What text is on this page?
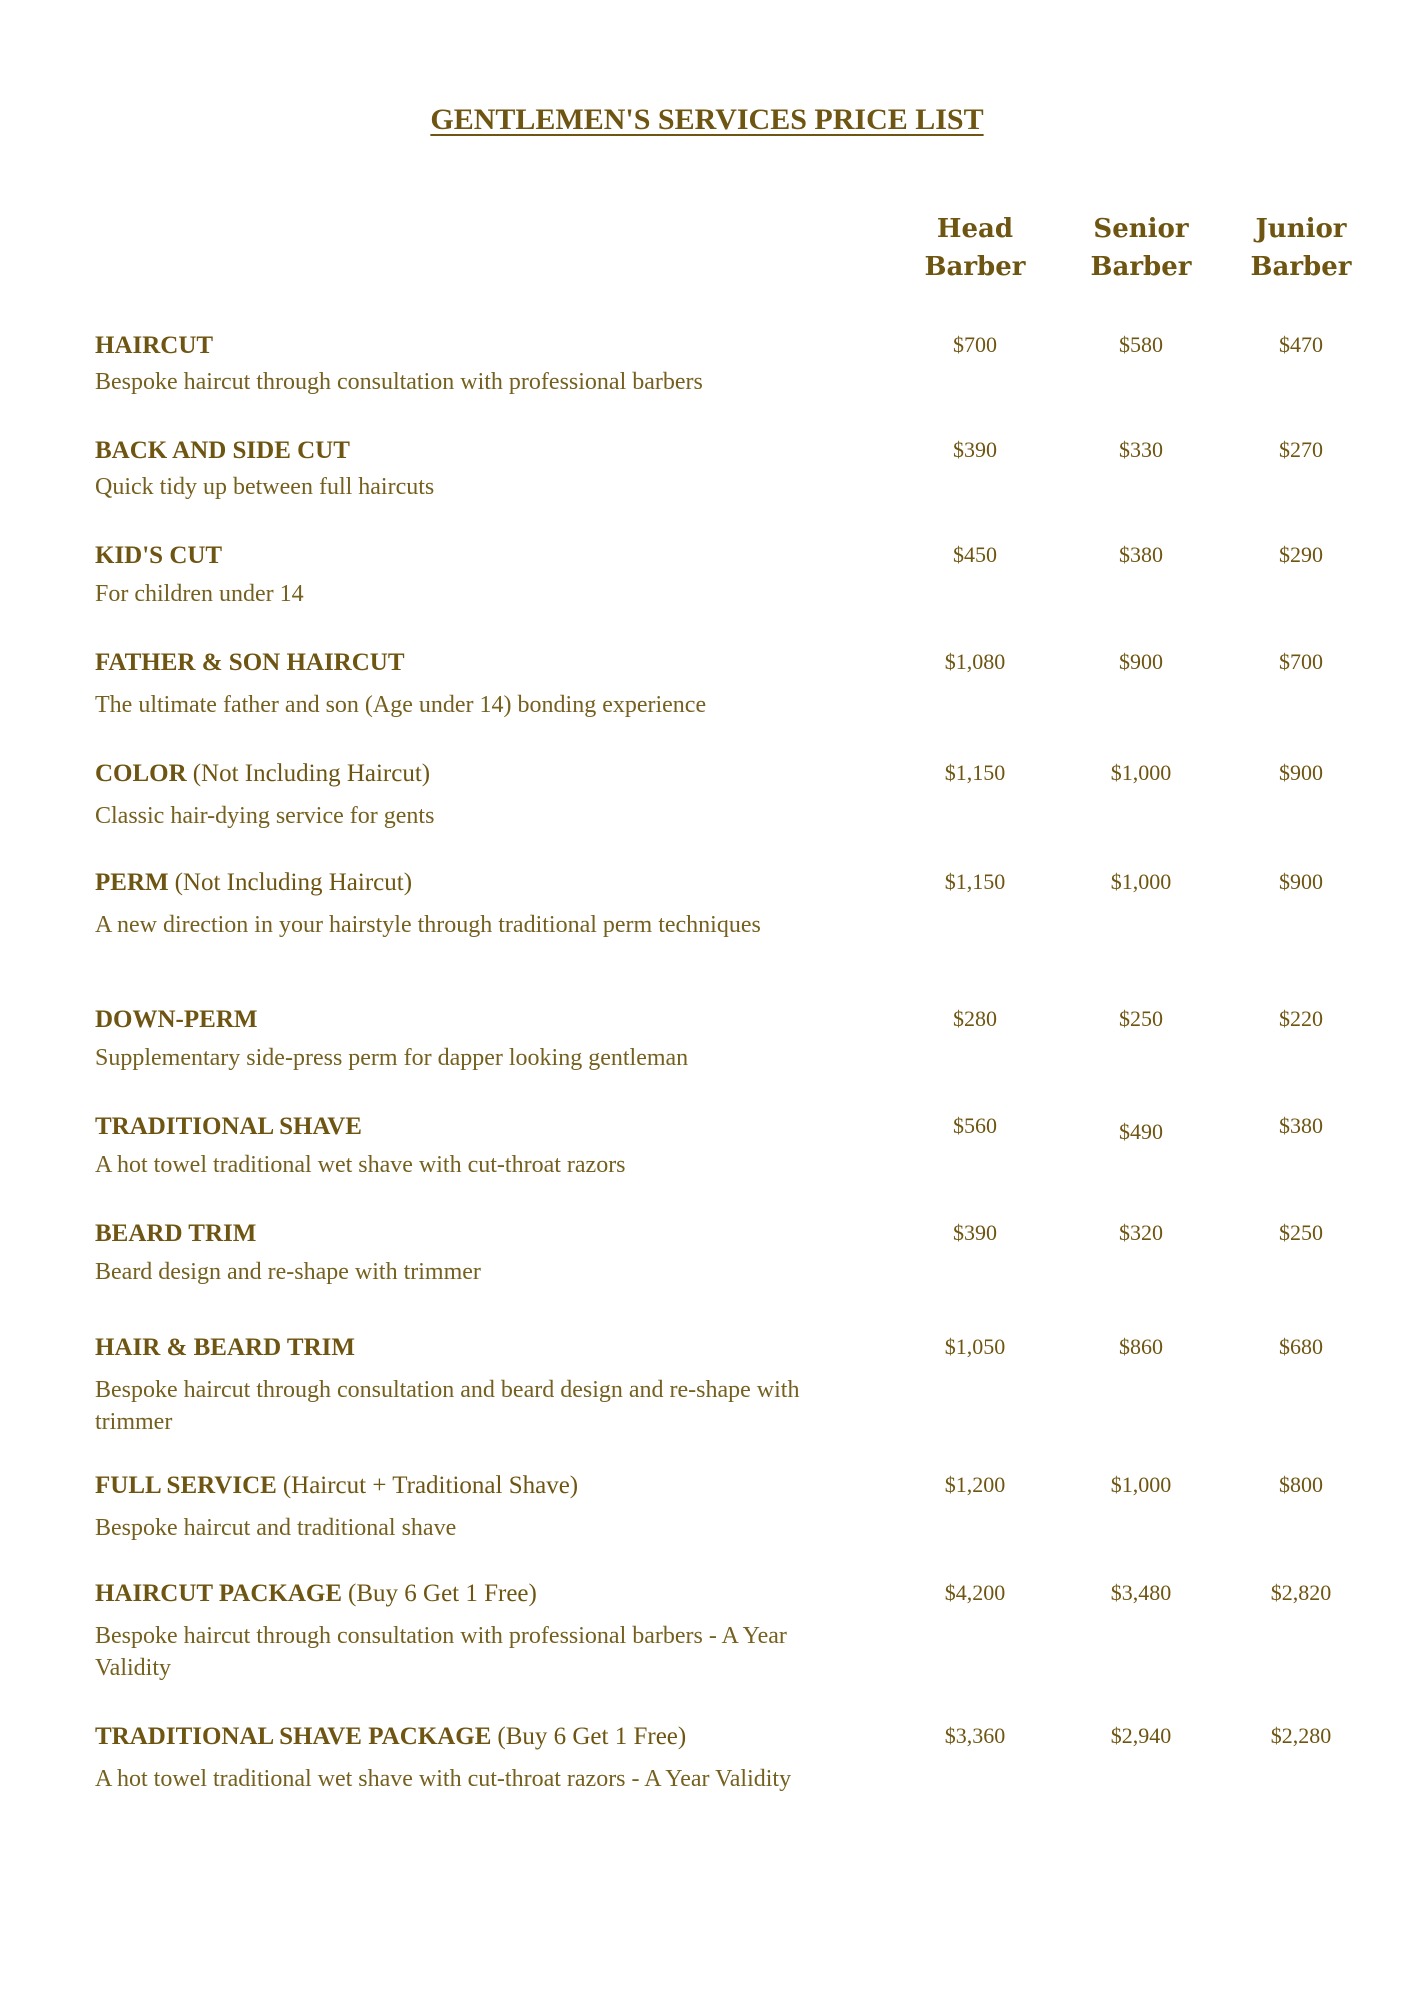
GENTLEMEN'S SERVICES PRICE LIST
Head
Barber
Senior
Barber
Junior
Barber
HAIRCUT
Bespoke haircut through consultation with professional barbers
$700	$580	$470
BACK AND SIDE CUT
Quick tidy up between full haircuts
$390	$330	$270
KID'S CUT
For children under 14
$450	$380	$290
FATHER & SON HAIRCUT
The ultimate father and son (Age under 14) bonding experience
$1,080	$900	$700
COLOR (Not Including Haircut)
Classic hair-dying service for gents
$1,150	$1,000	$900
PERM (Not Including Haircut)
A new direction in your hairstyle through traditional perm techniques
$1,150	$1,000	$900
DOWN-PERM
Supplementary side-press perm for dapper looking gentleman
$280	$250	$220
TRADITIONAL SHAVE
A hot towel traditional wet shave with cut-throat razors
$560	$490	$380
BEARD TRIM
Beard design and re-shape with trimmer
$390	$320	$250
HAIR & BEARD TRIM
Bespoke haircut through consultation and beard design and re-shape with trimmer
$1,050	$860	$680
FULL SERVICE (Haircut + Traditional Shave)
Bespoke haircut and traditional shave
$1,200	$1,000	$800
HAIRCUT PACKAGE (Buy 6 Get 1 Free)
Bespoke haircut through consultation with professional barbers - A Year Validity
$4,200	$3,480	$2,820
TRADITIONAL SHAVE PACKAGE (Buy 6 Get 1 Free)
A hot towel traditional wet shave with cut-throat razors - A Year Validity
$3,360	$2,940	$2,280
